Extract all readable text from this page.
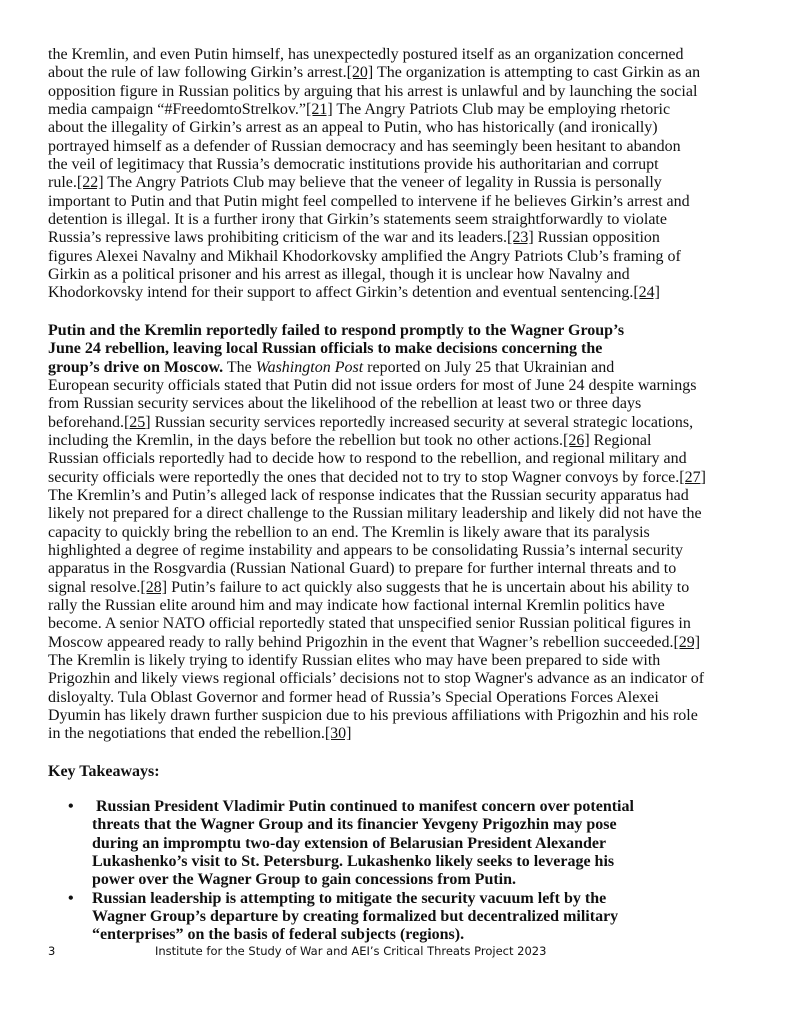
the Kremlin, and even Putin himself, has unexpectedly postured itself as an organization concerned
about the rule of law following Girkin’s arrest.[20] The organization is attempting to cast Girkin as an
opposition figure in Russian politics by arguing that his arrest is unlawful and by launching the social
media campaign “#FreedomtoStrelkov.”[21] The Angry Patriots Club may be employing rhetoric
about the illegality of Girkin’s arrest as an appeal to Putin, who has historically (and ironically)
portrayed himself as a defender of Russian democracy and has seemingly been hesitant to abandon
the veil of legitimacy that Russia’s democratic institutions provide his authoritarian and corrupt
rule.[22] The Angry Patriots Club may believe that the veneer of legality in Russia is personally
important to Putin and that Putin might feel compelled to intervene if he believes Girkin’s arrest and
detention is illegal. It is a further irony that Girkin’s statements seem straightforwardly to violate
Russia’s repressive laws prohibiting criticism of the war and its leaders.[23] Russian opposition
figures Alexei Navalny and Mikhail Khodorkovsky amplified the Angry Patriots Club’s framing of
Girkin as a political prisoner and his arrest as illegal, though it is unclear how Navalny and
Khodorkovsky intend for their support to affect Girkin’s detention and eventual sentencing.[24]
Putin and the Kremlin reportedly failed to respond promptly to the Wagner Group’s
June 24 rebellion, leaving local Russian officials to make decisions concerning the
group’s drive on Moscow. The Washington Post reported on July 25 that Ukrainian and
European security officials stated that Putin did not issue orders for most of June 24 despite warnings
from Russian security services about the likelihood of the rebellion at least two or three days
beforehand.[25] Russian security services reportedly increased security at several strategic locations,
including the Kremlin, in the days before the rebellion but took no other actions.[26] Regional
Russian officials reportedly had to decide how to respond to the rebellion, and regional military and
security officials were reportedly the ones that decided not to try to stop Wagner convoys by force.[27]
The Kremlin’s and Putin’s alleged lack of response indicates that the Russian security apparatus had
likely not prepared for a direct challenge to the Russian military leadership and likely did not have the
capacity to quickly bring the rebellion to an end. The Kremlin is likely aware that its paralysis
highlighted a degree of regime instability and appears to be consolidating Russia’s internal security
apparatus in the Rosgvardia (Russian National Guard) to prepare for further internal threats and to
signal resolve.[28] Putin’s failure to act quickly also suggests that he is uncertain about his ability to
rally the Russian elite around him and may indicate how factional internal Kremlin politics have
become. A senior NATO official reportedly stated that unspecified senior Russian political figures in
Moscow appeared ready to rally behind Prigozhin in the event that Wagner’s rebellion succeeded.[29]
The Kremlin is likely trying to identify Russian elites who may have been prepared to side with
Prigozhin and likely views regional officials’ decisions not to stop Wagner's advance as an indicator of
disloyalty. Tula Oblast Governor and former head of Russia’s Special Operations Forces Alexei
Dyumin has likely drawn further suspicion due to his previous affiliations with Prigozhin and his role
in the negotiations that ended the rebellion.[30]
Key Takeaways:
• Russian President Vladimir Putin continued to manifest concern over potential
threats that the Wagner Group and its financier Yevgeny Prigozhin may pose
during an impromptu two-day extension of Belarusian President Alexander
Lukashenko’s visit to St. Petersburg. Lukashenko likely seeks to leverage his
power over the Wagner Group to gain concessions from Putin.
• Russian leadership is attempting to mitigate the security vacuum left by the
Wagner Group’s departure by creating formalized but decentralized military
“enterprises” on the basis of federal subjects (regions).
3	Institute for the Study of War and AEI’s Critical Threats Project 2023
